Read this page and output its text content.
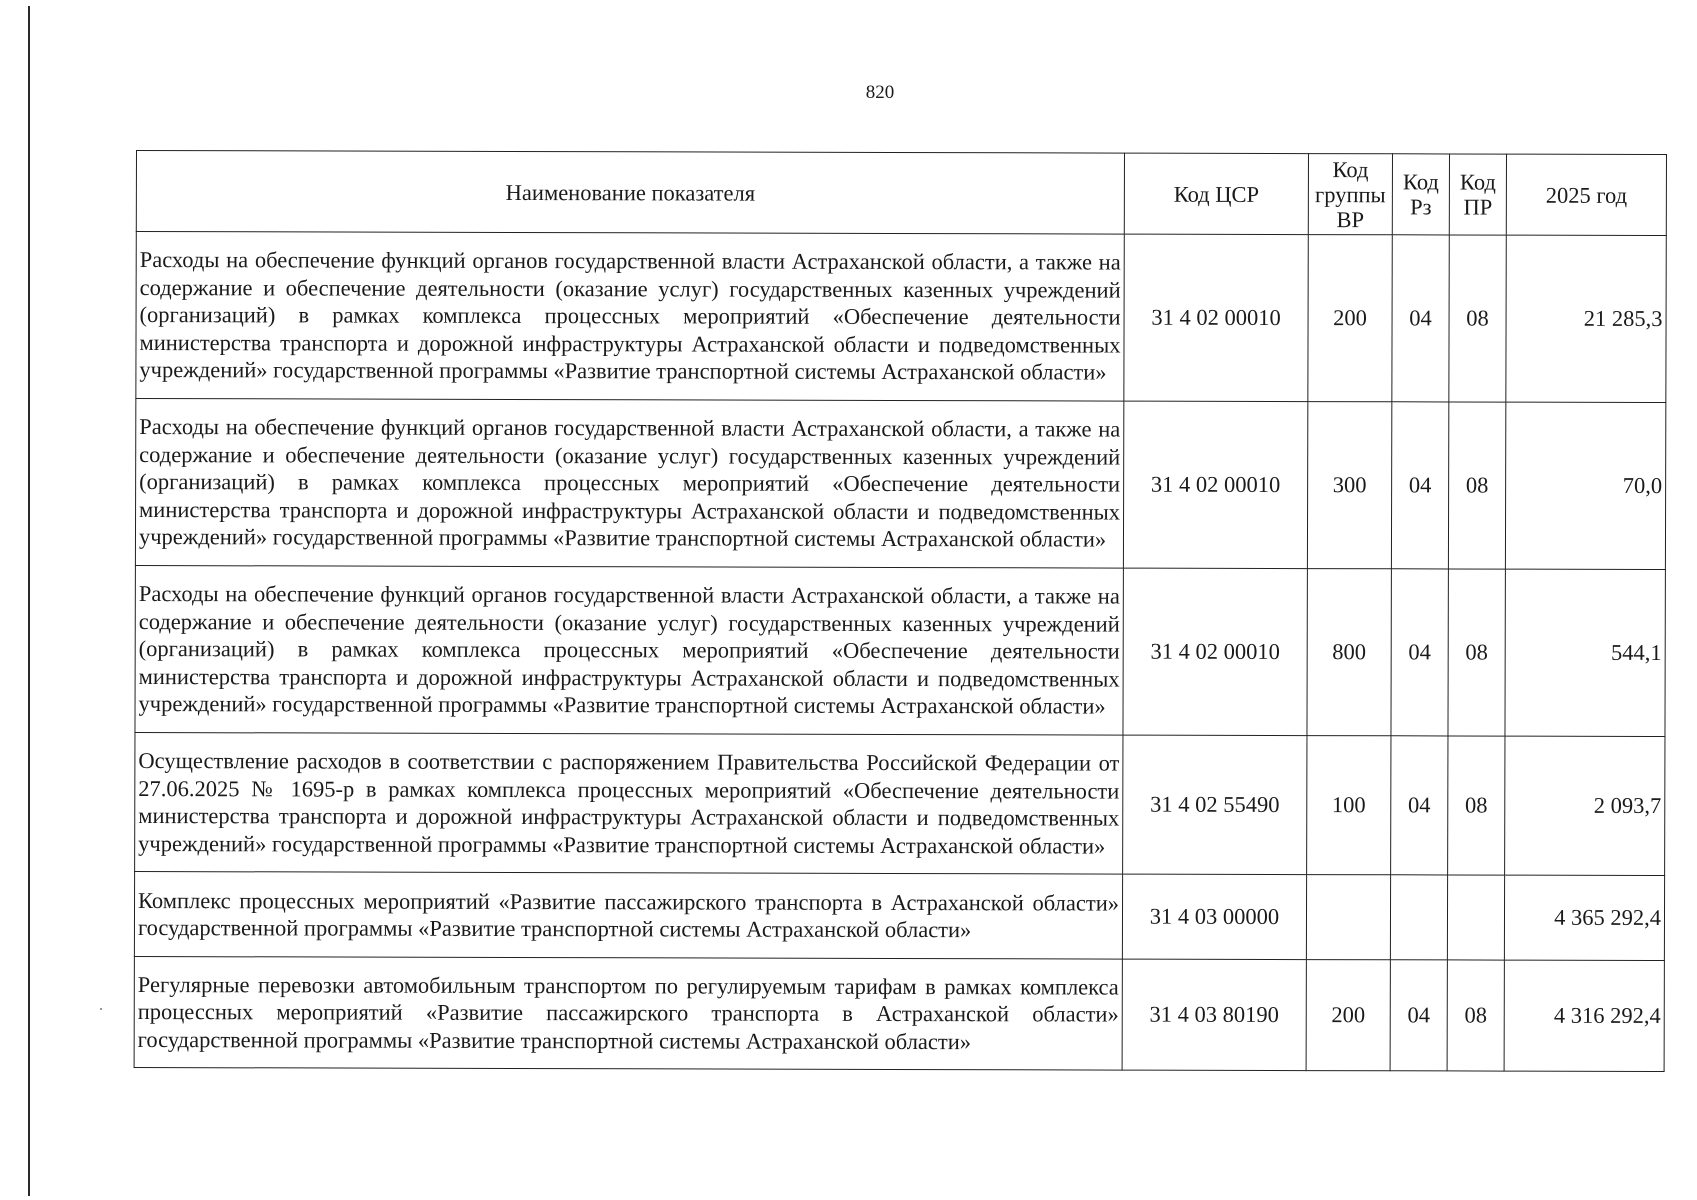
820
Наименование показателя	Код ЦСР	Код группы ВР	Код Рз	Код ПР	2025 год
Расходы на обеспечение функций органов государственной власти Астраханской области, а также на содержание и обеспечение деятельности (оказание услуг) государственных казенных учреждений (организаций) в рамках комплекса процессных мероприятий «Обеспечение деятельности министерства транспорта и дорожной инфраструктуры Астраханской области и подведомственных учреждений» государственной программы «Развитие транспортной системы Астраханской области»	31 4 02 00010	200	04	08	21 285,3
Расходы на обеспечение функций органов государственной власти Астраханской области, а также на содержание и обеспечение деятельности (оказание услуг) государственных казенных учреждений (организаций) в рамках комплекса процессных мероприятий «Обеспечение деятельности министерства транспорта и дорожной инфраструктуры Астраханской области и подведомственных учреждений» государственной программы «Развитие транспортной системы Астраханской области»	31 4 02 00010	300	04	08	70,0
Расходы на обеспечение функций органов государственной власти Астраханской области, а также на содержание и обеспечение деятельности (оказание услуг) государственных казенных учреждений (организаций) в рамках комплекса процессных мероприятий «Обеспечение деятельности министерства транспорта и дорожной инфраструктуры Астраханской области и подведомственных учреждений» государственной программы «Развитие транспортной системы Астраханской области»	31 4 02 00010	800	04	08	544,1
Осуществление расходов в соответствии с распоряжением Правительства Российской Федерации от 27.06.2025 № 1695-р в рамках комплекса процессных мероприятий «Обеспечение деятельности министерства транспорта и дорожной инфраструктуры Астраханской области и подведомственных учреждений» государственной программы «Развитие транспортной системы Астраханской области»	31 4 02 55490	100	04	08	2 093,7
Комплекс процессных мероприятий «Развитие пассажирского транспорта в Астраханской области» государственной программы «Развитие транспортной системы Астраханской области»	31 4 03 00000				4 365 292,4
Регулярные перевозки автомобильным транспортом по регулируемым тарифам в рамках комплекса процессных мероприятий «Развитие пассажирского транспорта в Астраханской области» государственной программы «Развитие транспортной системы Астраханской области»	31 4 03 80190	200	04	08	4 316 292,4
